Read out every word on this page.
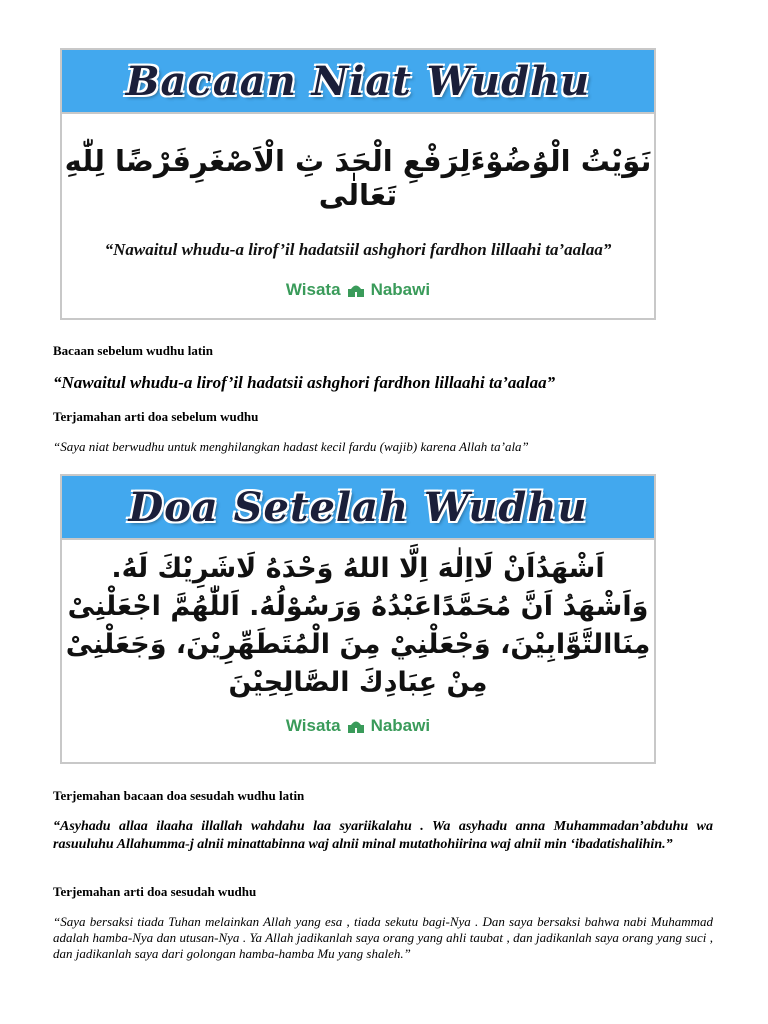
Bacaan Niat Wudhu
نَوَيْتُ الْوُضُوْءَلِرَفْعِ الْحَدَ ثِ الْاَصْغَرِفَرْضًا لِلّٰهِ تَعَالٰى
“Nawaitul whudu-a lirof’il hadatsiil ashghori fardhon lillaahi ta’aalaa”
Wisata Nabawi
Bacaan sebelum wudhu latin
“Nawaitul whudu-a lirof’il hadatsii ashghori fardhon lillaahi ta’aalaa”
Terjamahan arti doa sebelum wudhu
“Saya niat berwudhu untuk menghilangkan hadast kecil fardu (wajib) karena Allah ta’ala”
Doa Setelah Wudhu
اَشْهَدُاَنْ لَااِلٰهَ اِلَّا اللهُ وَحْدَهُ لَاشَرِيْكَ لَهُ.
وَاَشْهَدُ اَنَّ مُحَمَّدًاعَبْدُهُ وَرَسُوْلُهُ. اَللّٰهُمَّ اجْعَلْنِىْ
مِنَاالتَّوَّابِيْنَ، وَجْعَلْنِيْ مِنَ الْمُتَطَهِّرِيْنَ، وَجَعَلْنِىْ
مِنْ عِبَادِكَ الصَّالِحِيْنَ
Wisata Nabawi
Terjemahan bacaan doa sesudah wudhu latin
“Asyhadu allaa ilaaha illallah wahdahu laa syariikalahu . Wa asyhadu anna Muhammadan’abduhu wa rasuuluhu Allahumma-j alnii minattabinna waj alnii minal mutathohiirina waj alnii min ‘ibadatishalihin.”
Terjemahan arti doa sesudah wudhu
“Saya bersaksi tiada Tuhan melainkan Allah yang esa , tiada sekutu bagi-Nya . Dan saya bersaksi bahwa nabi Muhammad adalah hamba-Nya dan utusan-Nya . Ya Allah jadikanlah saya orang yang ahli taubat , dan jadikanlah saya orang yang suci , dan jadikanlah saya dari golongan hamba-hamba Mu yang shaleh.”
